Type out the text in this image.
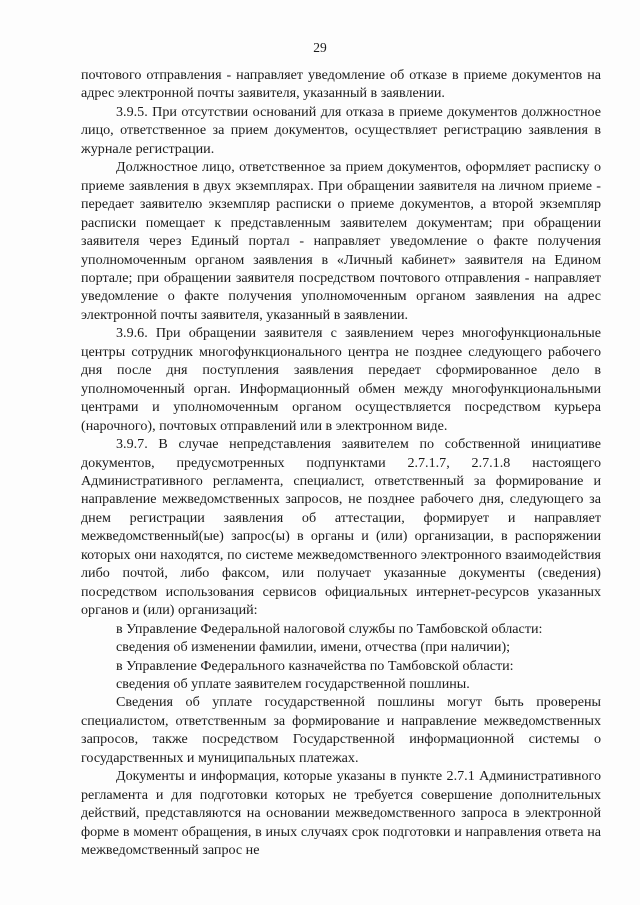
29

почтового отправления - направляет уведомление об отказе в приеме документов на адрес электронной почты заявителя, указанный в заявлении.

3.9.5. При отсутствии оснований для отказа в приеме документов должностное лицо, ответственное за прием документов, осуществляет регистрацию заявления в журнале регистрации.

Должностное лицо, ответственное за прием документов, оформляет расписку о приеме заявления в двух экземплярах. При обращении заявителя на личном приеме - передает заявителю экземпляр расписки о приеме документов, а второй экземпляр расписки помещает к представленным заявителем документам; при обращении заявителя через Единый портал - направляет уведомление о факте получения уполномоченным органом заявления в «Личный кабинет» заявителя на Едином портале; при обращении заявителя посредством почтового отправления - направляет уведомление о факте получения уполномоченным органом заявления на адрес электронной почты заявителя, указанный в заявлении.

3.9.6. При обращении заявителя с заявлением через многофункциональные центры сотрудник многофункционального центра не позднее следующего рабочего дня после дня поступления заявления передает сформированное дело в уполномоченный орган. Информационный обмен между многофункциональными центрами и уполномоченным органом осуществляется посредством курьера (нарочного), почтовых отправлений или в электронном виде.

3.9.7. В случае непредставления заявителем по собственной инициативе документов, предусмотренных подпунктами 2.7.1.7, 2.7.1.8 настоящего Административного регламента, специалист, ответственный за формирование и направление межведомственных запросов, не позднее рабочего дня, следующего за днем регистрации заявления об аттестации, формирует и направляет межведомственный(ые) запрос(ы) в органы и (или) организации, в распоряжении которых они находятся, по системе межведомственного электронного взаимодействия либо почтой, либо факсом, или получает указанные документы (сведения) посредством использования сервисов официальных интернет-ресурсов указанных органов и (или) организаций:

в Управление Федеральной налоговой службы по Тамбовской области:

сведения об изменении фамилии, имени, отчества (при наличии);

в Управление Федерального казначейства по Тамбовской области:

сведения об уплате заявителем государственной пошлины.

Сведения об уплате государственной пошлины могут быть проверены специалистом, ответственным за формирование и направление межведомственных запросов, также посредством Государственной информационной системы о государственных и муниципальных платежах.

Документы и информация, которые указаны в пункте 2.7.1 Административного регламента и для подготовки которых не требуется совершение дополнительных действий, представляются на основании межведомственного запроса в электронной форме в момент обращения, в иных случаях срок подготовки и направления ответа на межведомственный запрос не
